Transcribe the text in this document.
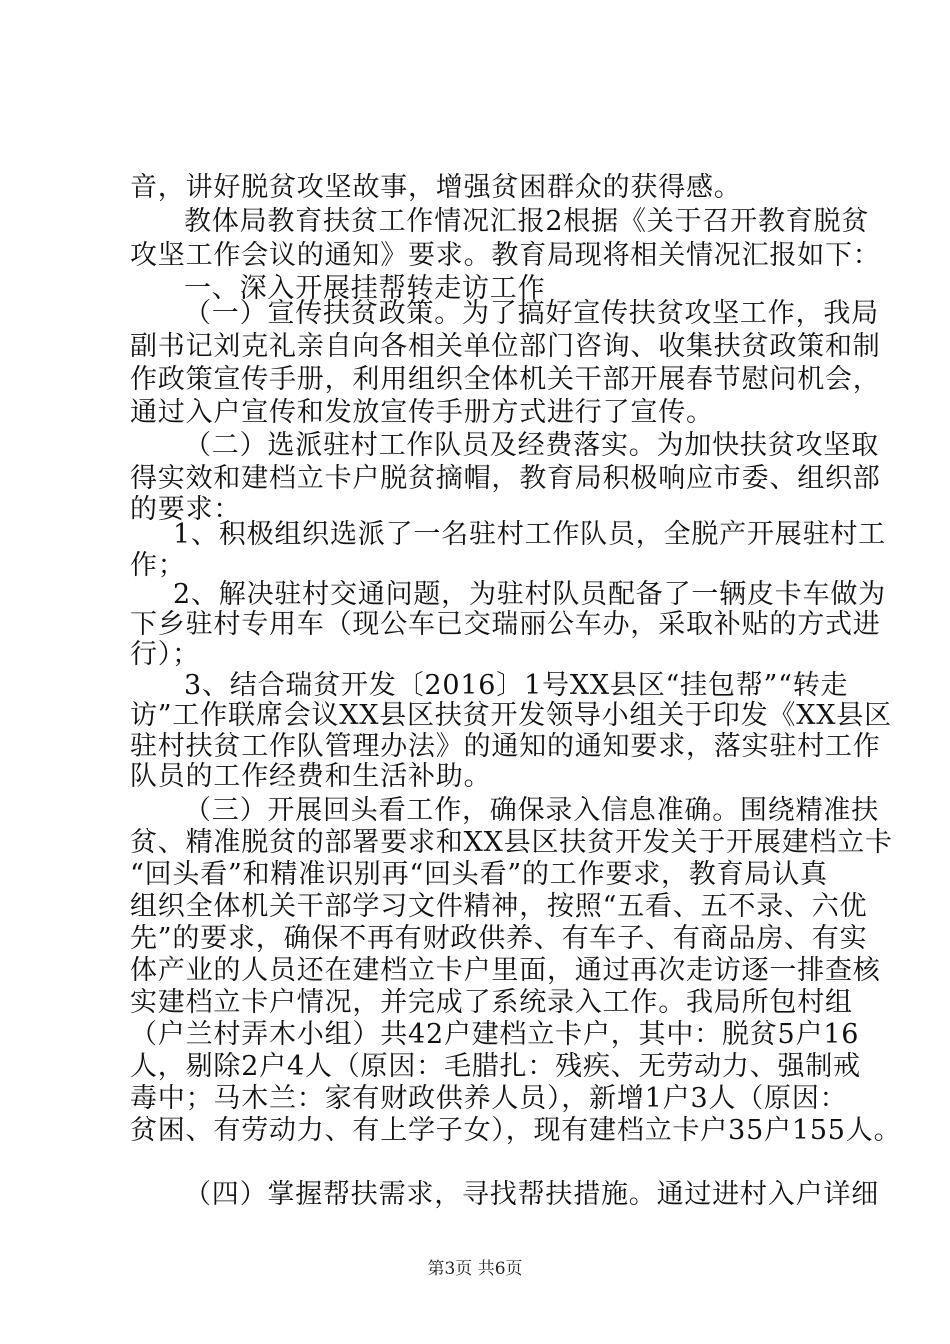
音，讲好脱贫攻坚故事，增强贫困群众的获得感。
教体局教育扶贫工作情况汇报2根据《关于召开教育脱贫
攻坚工作会议的通知》要求。教育局现将相关情况汇报如下：
一、深入开展挂帮转走访工作
（一）宣传扶贫政策。为了搞好宣传扶贫攻坚工作，我局
副书记刘克礼亲自向各相关单位部门咨询、收集扶贫政策和制
作政策宣传手册，利用组织全体机关干部开展春节慰问机会，
通过入户宣传和发放宣传手册方式进行了宣传。
（二）选派驻村工作队员及经费落实。为加快扶贫攻坚取
得实效和建档立卡户脱贫摘帽，教育局积极响应市委、组织部
的要求：
1、积极组织选派了一名驻村工作队员，全脱产开展驻村工
作；
2、解决驻村交通问题，为驻村队员配备了一辆皮卡车做为
下乡驻村专用车（现公车已交瑞丽公车办，采取补贴的方式进
行）；
3、结合瑞贫开发〔2016〕1号XX县区“挂包帮”“转走
访”工作联席会议XX县区扶贫开发领导小组关于印发《XX县区
驻村扶贫工作队管理办法》的通知的通知要求，落实驻村工作
队员的工作经费和生活补助。
（三）开展回头看工作，确保录入信息准确。围绕精准扶
贫、精准脱贫的部署要求和XX县区扶贫开发关于开展建档立卡
“回头看”和精准识别再“回头看”的工作要求，教育局认真
组织全体机关干部学习文件精神，按照“五看、五不录、六优
先”的要求，确保不再有财政供养、有车子、有商品房、有实
体产业的人员还在建档立卡户里面，通过再次走访逐一排查核
实建档立卡户情况，并完成了系统录入工作。我局所包村组
（户兰村弄木小组）共42户建档立卡户，其中：脱贫5户16
人，剔除2户4人（原因：毛腊扎：残疾、无劳动力、强制戒
毒中；马木兰：家有财政供养人员），新增1户3人（原因：
贫困、有劳动力、有上学子女），现有建档立卡户35户155人。
（四）掌握帮扶需求，寻找帮扶措施。通过进村入户详细
第3页 共6页
